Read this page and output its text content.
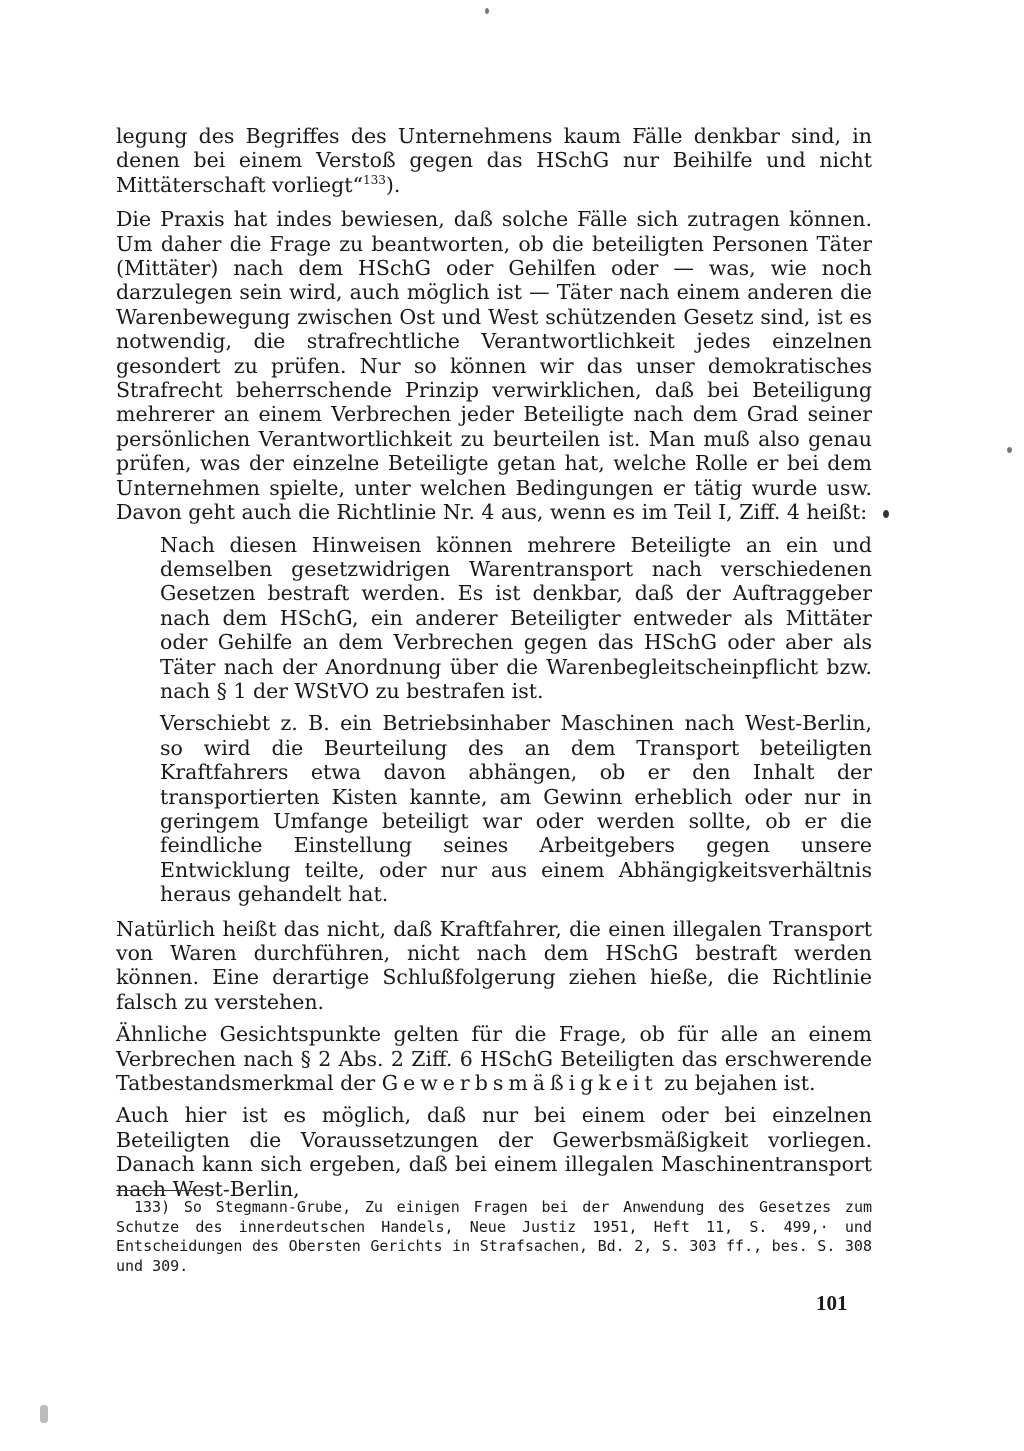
legung des Begriffes des Unternehmens kaum Fälle denkbar sind, in denen bei einem Verstoß gegen das HSchG nur Beihilfe und nicht Mittäterschaft vorliegt“$^{133}$).

Die Praxis hat indes bewiesen, daß solche Fälle sich zutragen können. Um daher die Frage zu beantworten, ob die beteiligten Personen Täter (Mittäter) nach dem HSchG oder Gehilfen oder — was, wie noch darzulegen sein wird, auch möglich ist — Täter nach einem anderen die Warenbewegung zwischen Ost und West schützenden Gesetz sind, ist es notwendig, die strafrechtliche Verantwortlichkeit jedes einzelnen gesondert zu prüfen. Nur so können wir das unser demokratisches Strafrecht beherrschende Prinzip verwirklichen, daß bei Beteiligung mehrerer an einem Verbrechen jeder Beteiligte nach dem Grad seiner persönlichen Verantwortlichkeit zu beurteilen ist. Man muß also genau prüfen, was der einzelne Beteiligte getan hat, welche Rolle er bei dem Unternehmen spielte, unter welchen Bedingungen er tätig wurde usw. Davon geht auch die Richtlinie Nr. 4 aus, wenn es im Teil I, Ziff. 4 heißt:

Nach diesen Hinweisen können mehrere Beteiligte an ein und demselben gesetzwidrigen Warentransport nach verschiedenen Gesetzen bestraft werden. Es ist denkbar, daß der Auftraggeber nach dem HSchG, ein anderer Beteiligter entweder als Mittäter oder Gehilfe an dem Verbrechen gegen das HSchG oder aber als Täter nach der Anordnung über die Warenbegleitscheinpflicht bzw. nach § 1 der WStVO zu bestrafen ist.

Verschiebt z. B. ein Betriebsinhaber Maschinen nach West-Berlin, so wird die Beurteilung des an dem Transport beteiligten Kraftfahrers etwa davon abhängen, ob er den Inhalt der transportierten Kisten kannte, am Gewinn erheblich oder nur in geringem Umfange beteiligt war oder werden sollte, ob er die feindliche Einstellung seines Arbeitgebers gegen unsere Entwicklung teilte, oder nur aus einem Abhängigkeitsverhältnis heraus gehandelt hat.

Natürlich heißt das nicht, daß Kraftfahrer, die einen illegalen Transport von Waren durchführen, nicht nach dem HSchG bestraft werden können. Eine derartige Schlußfolgerung ziehen hieße, die Richtlinie falsch zu verstehen.

Ähnliche Gesichtspunkte gelten für die Frage, ob für alle an einem Verbrechen nach § 2 Abs. 2 Ziff. 6 HSchG Beteiligten das erschwerende Tatbestandsmerkmal der Gewerbsmäßigkeit zu bejahen ist.

Auch hier ist es möglich, daß nur bei einem oder bei einzelnen Beteiligten die Voraussetzungen der Gewerbsmäßigkeit vorliegen. Danach kann sich ergeben, daß bei einem illegalen Maschinentransport nach West-Berlin,

133) So Stegmann-Grube, Zu einigen Fragen bei der Anwendung des Gesetzes zum Schutze des innerdeutschen Handels, Neue Justiz 1951, Heft 11, S. 499,· und Entscheidungen des Obersten Gerichts in Strafsachen, Bd. 2, S. 303 ff., bes. S. 308 und 309.
101
